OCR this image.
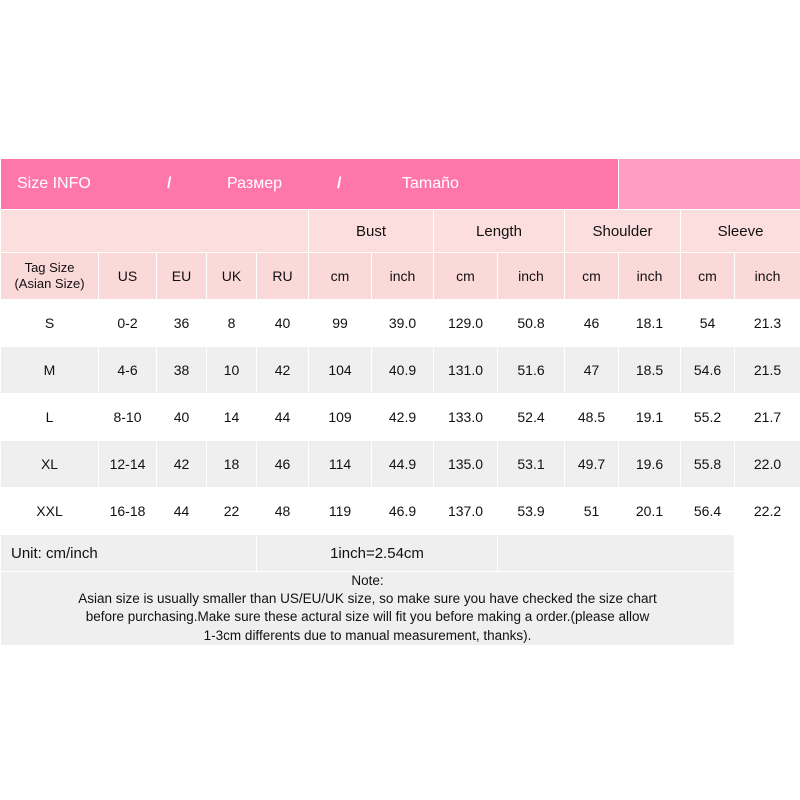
Size INFO / Размер / Tamaño												

					Bust		Length		Shoulder		Sleeve	

Tag Size
(Asian Size)	US	EU	UK	RU	cm	inch	cm	inch	cm	inch	cm	inch
S	0-2	36	8	40	99	39.0	129.0	50.8	46	18.1	54	21.3
M	4-6	38	10	42	104	40.9	131.0	51.6	47	18.5	54.6	21.5
L	8-10	40	14	44	109	42.9	133.0	52.4	48.5	19.1	55.2	21.7
XL	12-14	42	18	46	114	44.9	135.0	53.1	49.7	19.6	55.8	22.0
XXL	16-18	44	22	48	119	46.9	137.0	53.9	51	20.1	56.4	22.2
Unit: cm/inch				1inch=2.54cm								

Note:
Asian size is usually smaller than US/EU/UK size, so make sure you have checked the size chart
before purchasing.Make sure these actural size will fit you before making a order.(please allow
1-3cm differents due to manual measurement, thanks).												
